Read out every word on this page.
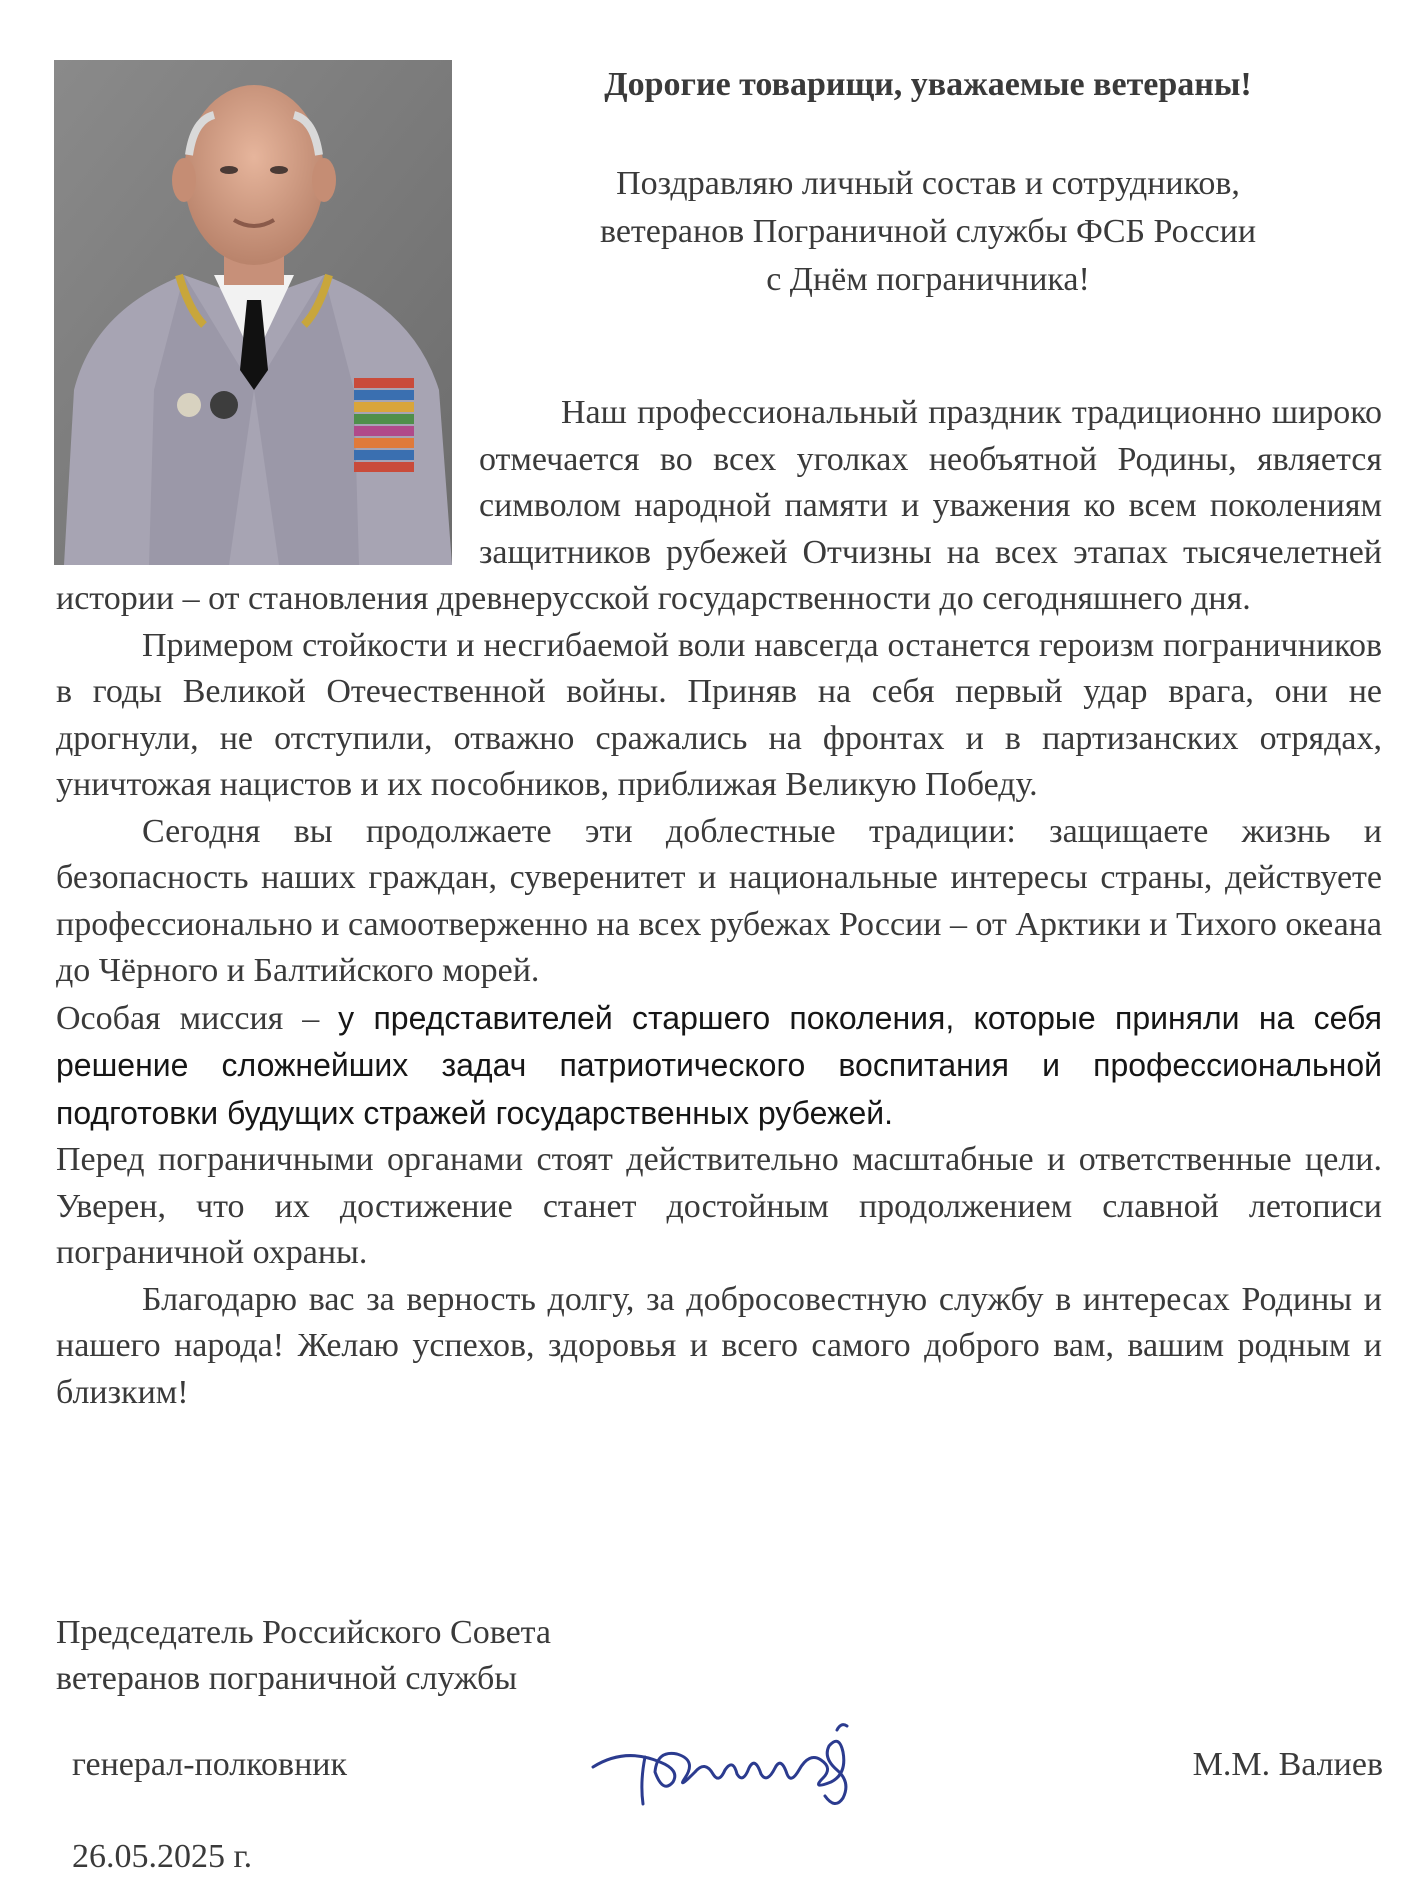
Дорогие товарищи, уважаемые ветераны!
Поздравляю личный состав и сотрудников,
ветеранов Пограничной службы ФСБ России
с Днём пограничника!

Наш профессиональный праздник традиционно широко отмечается во всех уголках необъятной Родины, является символом народной памяти и уважения ко всем поколениям защитников рубежей Отчизны на всех этапах тысячелетней истории – от становления древнерусской государственности до сегодняшнего дня.

Примером стойкости и несгибаемой воли навсегда останется героизм пограничников в годы Великой Отечественной войны. Приняв на себя первый удар врага, они не дрогнули, не отступили, отважно сражались на фронтах и в партизанских отрядах, уничтожая нацистов и их пособников, приближая Великую Победу.

Сегодня вы продолжаете эти доблестные традиции: защищаете жизнь и безопасность наших граждан, суверенитет и национальные интересы страны, действуете профессионально и самоотверженно на всех рубежах России – от Арктики и Тихого океана до Чёрного и Балтийского морей.

Особая миссия – у представителей старшего поколения, которые приняли на себя решение сложнейших задач патриотического воспитания и профессиональной подготовки будущих стражей государственных рубежей.

Перед пограничными органами стоят действительно масштабные и ответственные цели. Уверен, что их достижение станет достойным продолжением славной летописи пограничной охраны.

Благодарю вас за верность долгу, за добросовестную службу в интересах Родины и нашего народа! Желаю успехов, здоровья и всего самого доброго вам, вашим родным и близким!

Председатель Российского Совета
ветеранов пограничной службы
генерал-полковник	М.М. Валиев
26.05.2025 г.
